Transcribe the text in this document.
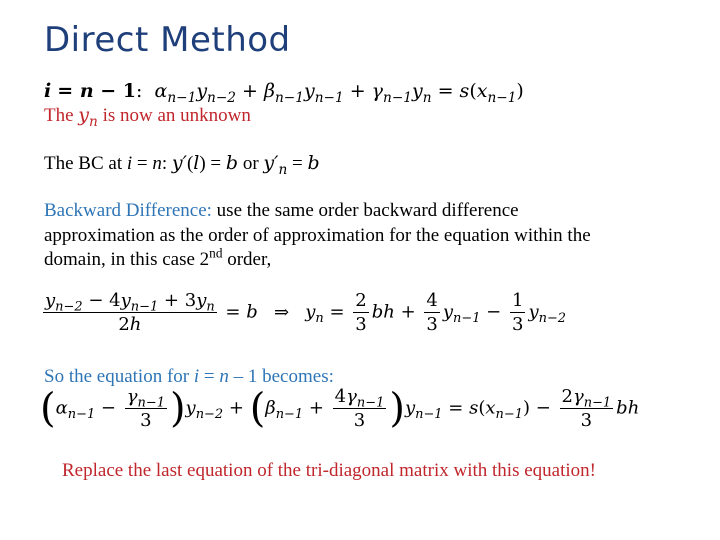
Direct Method
i = n − 1:  $\alpha_{n-1}y_{n-2} + \beta_{n-1}y_{n-1} + \gamma_{n-1}y_n = s(x_{n-1})$
The $y_n$ is now an unknown
The BC at i = n: y′(l) = b or $y'_n = b$
Backward Difference: use the same order backward difference
approximation as the order of approximation for the equation within the
domain, in this case 2nd order,
$\frac{y_{n-2} - 4y_{n-1} + 3y_n}{2h} = b$ ⇒ $y_n = \frac{2}{3}$ bh + $\frac{4}{3} y_{n-1} - \frac{1}{3} y_{n-2}$
So the equation for i = n – 1 becomes:
$(\alpha_{n-1} - \frac{\gamma_{n-1}}{3} )y_{n-2} + (\beta_{n-1} + \frac{4\gamma_{n-1}}{3} )y_{n-1} = s(x_{n-1}) - \frac{2\gamma_{n-1}}{3}$ bh
Replace the last equation of the tri-diagonal matrix with this equation!
